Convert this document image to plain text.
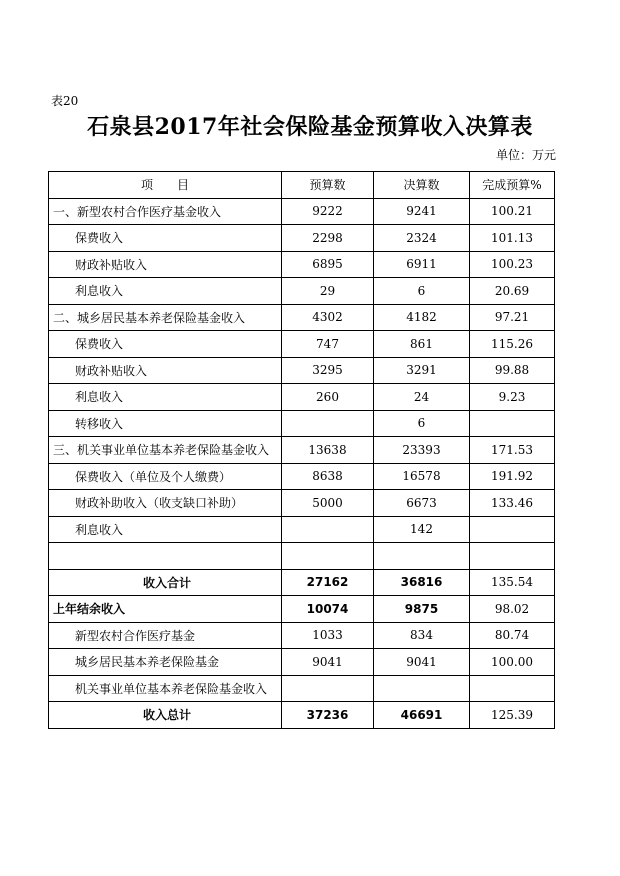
表20
石泉县2017年社会保险基金预算收入决算表
单位：万元
项　　目	预算数	决算数	完成预算%
一、新型农村合作医疗基金收入	9222	9241	100.21
保费收入	2298	2324	101.13
财政补贴收入	6895	6911	100.23
利息收入	29	6	20.69
二、城乡居民基本养老保险基金收入	4302	4182	97.21
保费收入	747	861	115.26
财政补贴收入	3295	3291	99.88
利息收入	260	24	9.23
转移收入		6	
三、机关事业单位基本养老保险基金收入	13638	23393	171.53
保费收入（单位及个人缴费）	8638	16578	191.92
财政补助收入（收支缺口补助）	5000	6673	133.46
利息收入		142	

收入合计	27162	36816	135.54
上年结余收入	10074	9875	98.02
新型农村合作医疗基金	1033	834	80.74
城乡居民基本养老保险基金	9041	9041	100.00
机关事业单位基本养老保险基金收入			
收入总计	37236	46691	125.39
